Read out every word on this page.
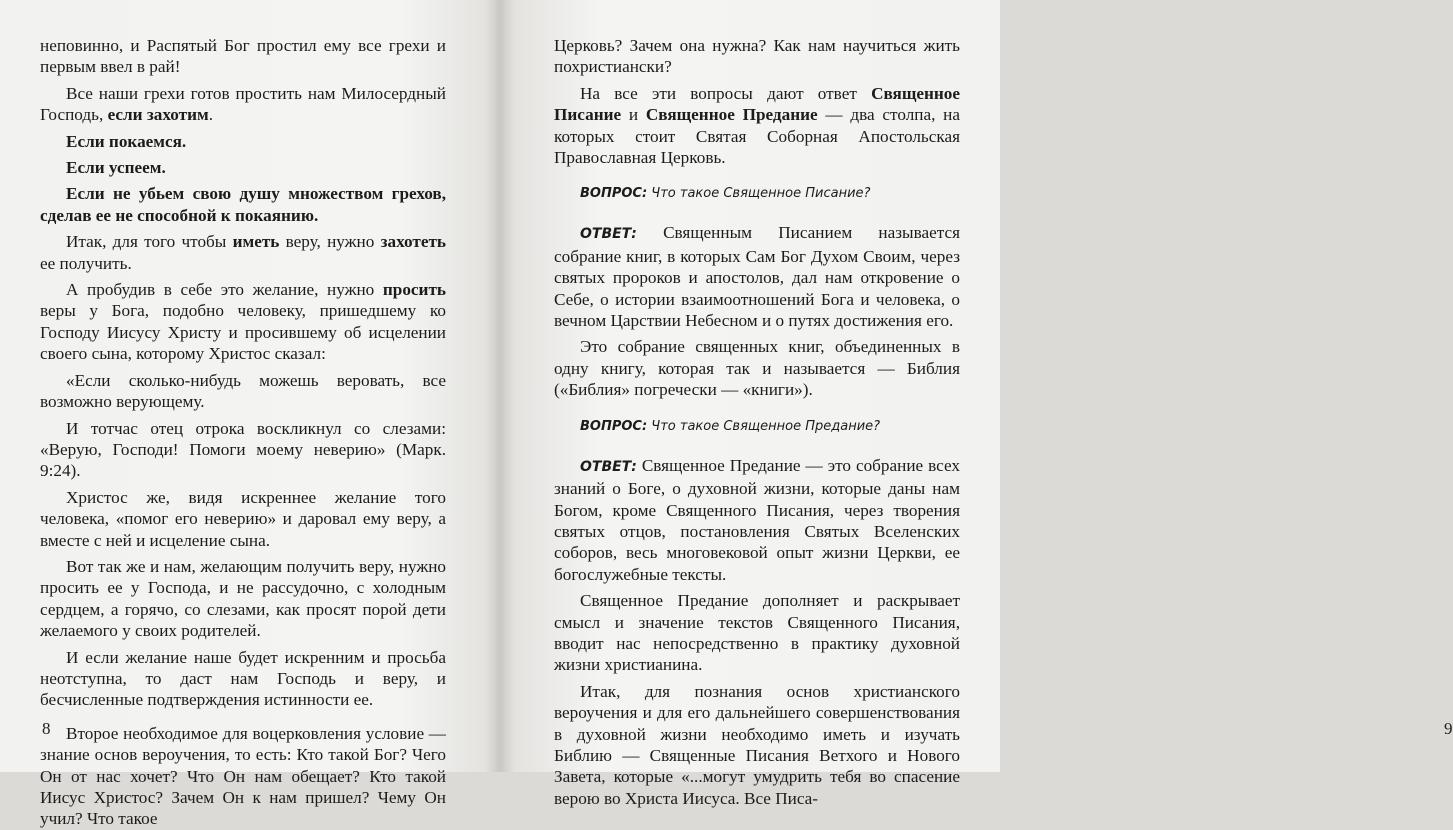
неповинно, и Распятый Бог простил ему все грехи и первым ввел в рай!

Все наши грехи готов простить нам Милосердный Господь, если захотим.

Если покаемся.

Если успеем.

Если не убьем свою душу множеством грехов, сделав ее не способной к покаянию.

Итак, для того чтобы иметь веру, нужно захотеть ее получить.

А пробудив в себе это желание, нужно просить веры у Бога, подобно человеку, пришедшему ко Господу Иисусу Христу и просившему об исцелении своего сына, которому Христос сказал:

«Если сколько-нибудь можешь веровать, все возможно верующему.

И тотчас отец отрока воскликнул со слезами: «Верую, Господи! Помоги моему неверию» (Марк. 9:24).

Христос же, видя искреннее желание того человека, «помог его неверию» и даровал ему веру, а вместе с ней и исцеление сына.

Вот так же и нам, желающим получить веру, нужно просить ее у Господа, и не рассудочно, с холодным сердцем, а горячо, со слезами, как просят порой дети желаемого у своих родителей.

И если желание наше будет искренним и просьба неотступна, то даст нам Господь и веру, и бесчисленные подтверждения истинности ее.

Второе необходимое для воцерковления условие — знание основ вероучения, то есть: Кто такой Бог? Чего Он от нас хочет? Что Он нам обещает? Кто такой Иисус Христос? Зачем Он к нам пришел? Чему Он учил? Что такое

8

Церковь? Зачем она нужна? Как нам научиться жить похристиански?

На все эти вопросы дают ответ Священное Писание и Священное Предание — два столпа, на которых стоит Святая Соборная Апостольская Православная Церковь.

ВОПРОС: Что такое Священное Писание?

ОТВЕТ: Священным Писанием называется собрание книг, в которых Сам Бог Духом Своим, через святых пророков и апостолов, дал нам откровение о Себе, о истории взаимоотношений Бога и человека, о вечном Царствии Небесном и о путях достижения его.

Это собрание священных книг, объединенных в одну книгу, которая так и называется — Библия («Библия» погречески — «книги»).

ВОПРОС: Что такое Священное Предание?

ОТВЕТ: Священное Предание — это собрание всех знаний о Боге, о духовной жизни, которые даны нам Богом, кроме Священного Писания, через творения святых отцов, постановления Святых Вселенских соборов, весь многовековой опыт жизни Церкви, ее богослужебные тексты.

Священное Предание дополняет и раскрывает смысл и значение текстов Священного Писания, вводит нас непосредственно в практику духовной жизни христианина.

Итак, для познания основ христианского вероучения и для его дальнейшего совершенствования в духовной жизни необходимо иметь и изучать Библию — Священные Писания Ветхого и Нового Завета, которые «...могут умудрить тебя во спасение верою во Христа Иисуса. Все Писа-

9
